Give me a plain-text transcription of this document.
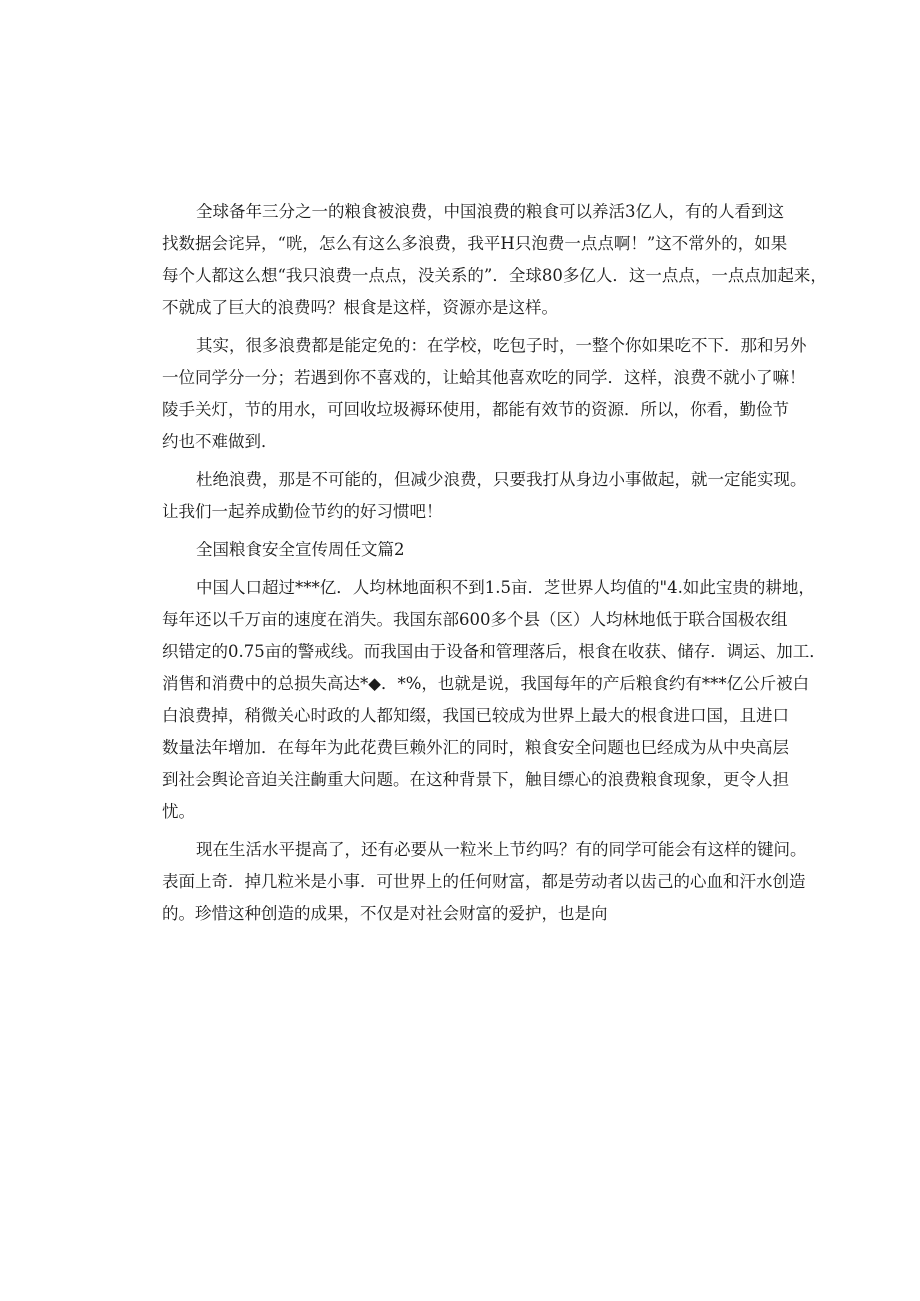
全球备年三分之一的粮食被浪费，中国浪费的粮食可以养活3亿人，有的人看到这
找数据会诧异，“咣，怎么有这么多浪费，我平H只泡费一点点啊！”这不常外的，如果
每个人都这么想“我只浪费一点点，没关系的”．全球80多亿人．这一点点，一点点加起来，
不就成了巨大的浪费吗？根食是这样，资源亦是这样。
其实，很多浪费都是能定免的：在学校，吃包子时，一整个你如果吃不下．那和另外
一位同学分一分；若遇到你不喜戏的，让蛤其他喜欢吃的同学．这样，浪费不就小了嘛！
陵手关灯，节的用水，可回收垃圾褥环使用，都能有效节的资源．所以，你看，勤俭节
约也不难做到．
杜绝浪费，那是不可能的，但减少浪费，只要我打从身边小事做起，就一定能实现。
让我们一起养成勤俭节约的好习惯吧！
全国粮食安全宣传周任文篇2
中国人口超过***亿．人均林地面积不到1.5亩．芝世界人均值的"4.如此宝贵的耕地，
每年还以千万亩的速度在消失。我国东部600多个县（区）人均林地低于联合国极农组
织错定的0.75亩的警戒线。而我国由于设备和管理落后，根食在收获、储存．调运、加工．
消售和消费中的总损失高达*◆．*%，也就是说，我国每年的产后粮食约有***亿公斤被白
白浪费掉，稍微关心时政的人都知缀，我国已较成为世界上最大的根食进口国，且进口
数量法年增加．在每年为此花费巨赖外汇的同时，粮食安全问题也巳经成为从中央高层
到社会舆论音迫关注齣重大问题。在这种背景下，触目缥心的浪费粮食现象，更令人担
忧。
现在生活水平提高了，还有必要从一粒米上节约吗？有的同学可能会有这样的键问。
表面上奇．掉几粒米是小事．可世界上的任何财富，都是劳动者以齿己的心血和汗水创造
的。珍惜这种创造的成果，不仅是对社会财富的爱护，也是向
